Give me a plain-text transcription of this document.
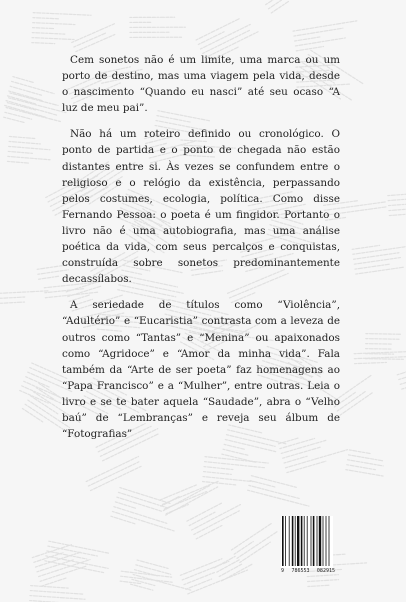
Cem sonetos não é um limite, uma marca ou um porto de destino, mas uma viagem pela vida, desde o nascimento “Quando eu nasci” até seu ocaso “A luz de meu pai”.

Não há um roteiro definido ou cronológico. O ponto de partida e o ponto de chegada não estão distantes entre si. Às vezes se confundem entre o religioso e o relógio da existência, perpassando pelos costumes, ecologia, política. Como disse Fernando Pessoa: o poeta é um fingidor. Portanto o livro não é uma autobiografia, mas uma análise poética da vida, com seus percalços e conquistas, construída sobre sonetos predominantemente decassílabos.

A seriedade de títulos como “Violência”, “Adultério” e “Eucaristia” contrasta com a leveza de outros como “Tantas” e “Menina” ou apaixonados como “Agridoce” e “Amor da minha vida”. Fala também da “Arte de ser poeta” faz homenagens ao “Papa Francisco” e a “Mulher”, entre outras. Leia o livro e se te bater aquela “Saudade”, abra o “Velho baú” de “Lembranças” e reveja seu álbum de “Fotografias”

9 786553 082915
